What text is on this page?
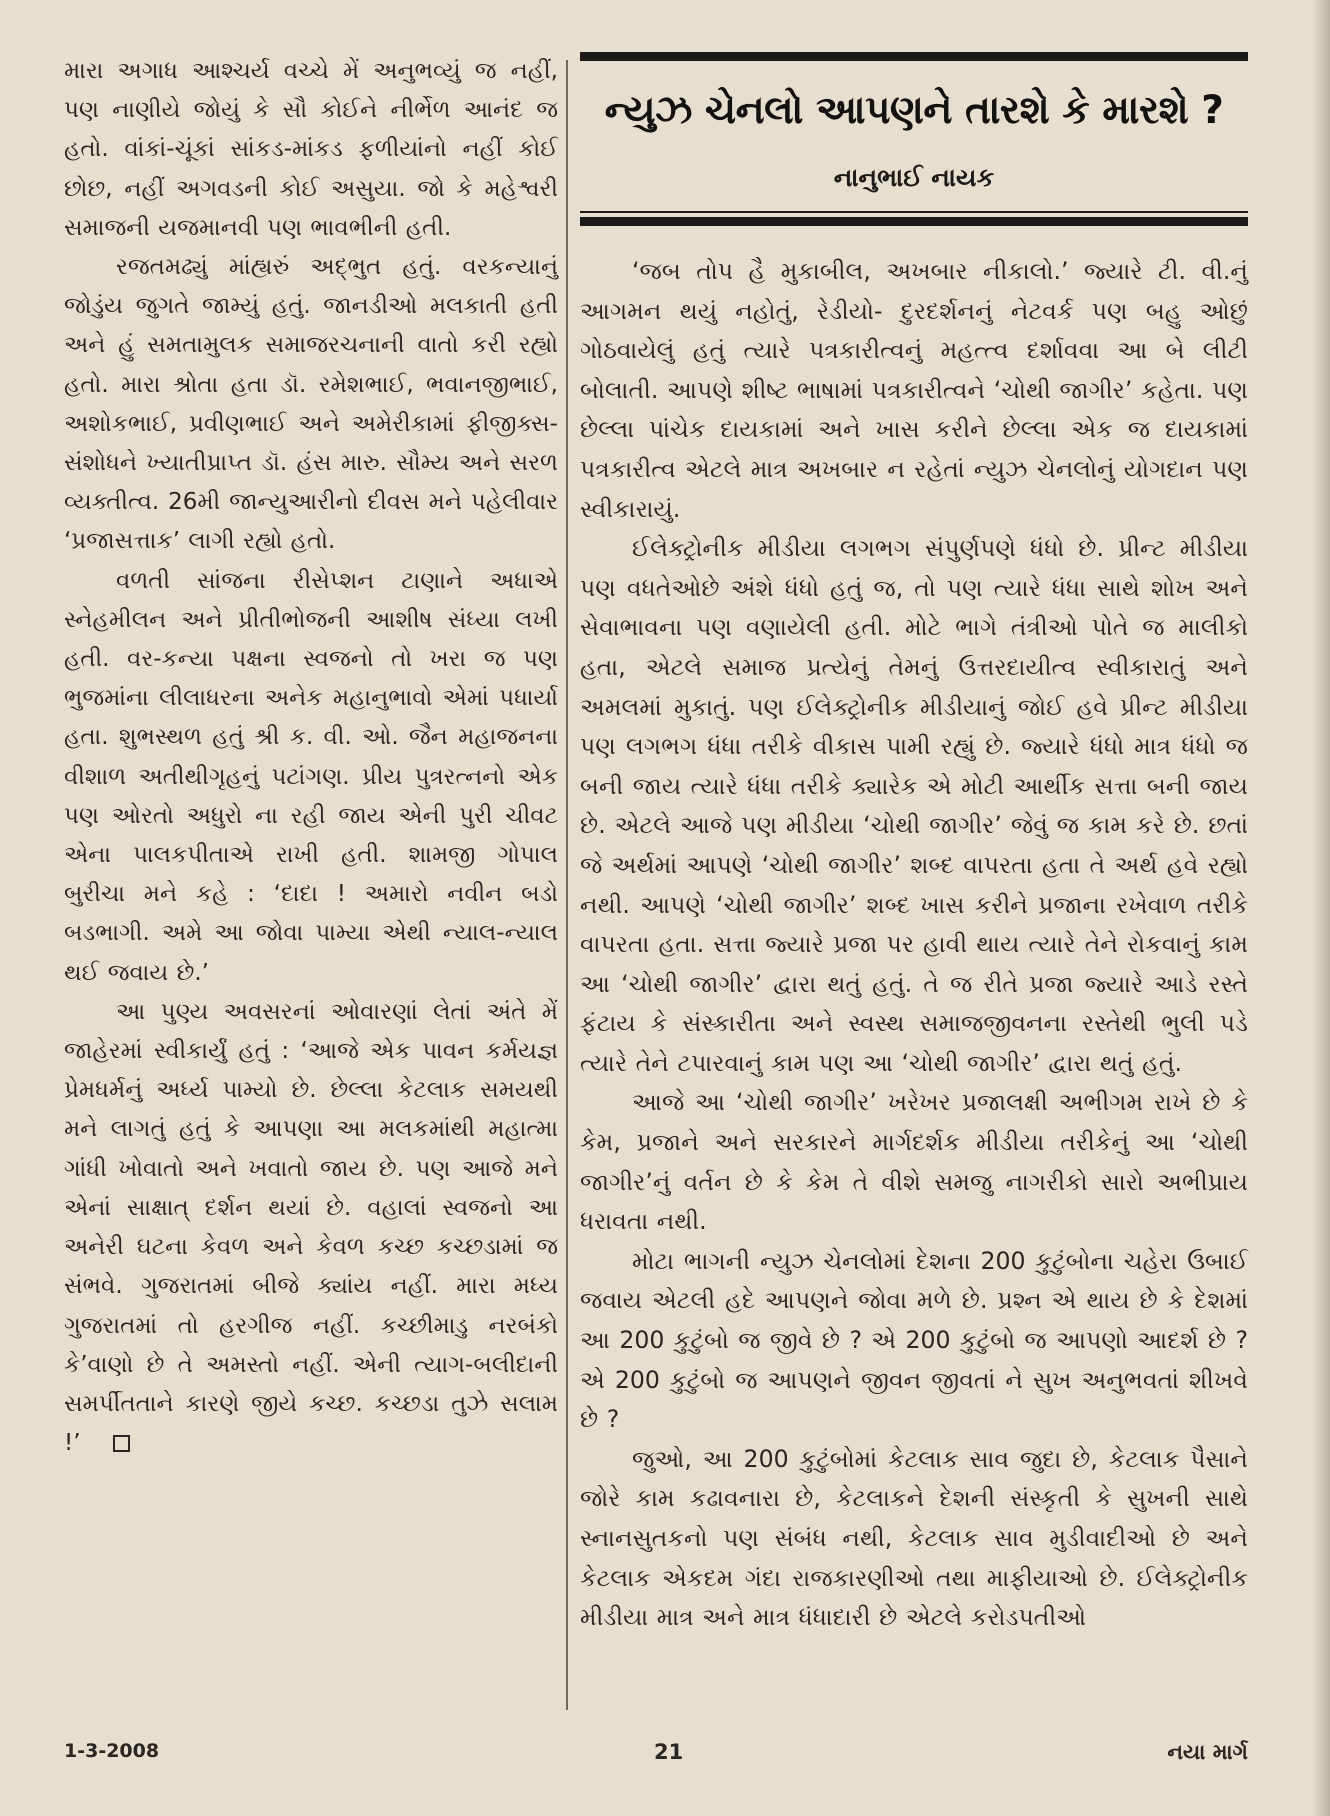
મારા અગાધ આશ્ચર્ય વચ્ચે મેં અનુભવ્યું જ નહીં, પણ નાણીયે જોયું કે સૌ કોઈને નીર્ભેળ આનંદ જ હતો. વાંકાં-ચૂંકાં સાંકડ-માંકડ ફળીયાંનો નહીં કોઈ છોછ, નહીં અગવડની કોઈ અસુયા. જો કે મહેશ્વરી સમાજની યજમાનવી પણ ભાવભીની હતી.

રજતમઢ્યું માંહ્યરું અદ્ભુત હતું. વરકન્યાનું જોડુંય જુગતે જામ્યું હતું. જાનડીઓ મલકાતી હતી અને હું સમતામુલક સમાજરચનાની વાતો કરી રહ્યો હતો. મારા શ્રોતા હતા ડૉ. રમેશભાઈ, ભવાનજીભાઈ, અશોકભાઈ, પ્રવીણભાઈ અને અમેરીકામાં ફીજીક્સ-સંશોધને ખ્યાતીપ્રાપ્ત ડૉ. હંસ મારુ. સૌમ્ય અને સરળ વ્યક્તીત્વ. 26મી જાન્યુઆરીનો દીવસ મને પહેલીવાર ‘પ્રજાસત્તાક’ લાગી રહ્યો હતો.

વળતી સાંજના રીસેપ્શન ટાણાને અધાએ સ્નેહમીલન અને પ્રીતીભોજની આશીષ સંધ્યા લખી હતી. વર-કન્યા પક્ષના સ્વજનો તો ખરા જ પણ ભુજમાંના લીલાધરના અનેક મહાનુભાવો એમાં પધાર્યા હતા. શુભસ્થળ હતું શ્રી ક. વી. ઓ. જૈન મહાજનના વીશાળ અતીથીગૃહનું પટાંગણ. પ્રીય પુત્રરત્નનો એક પણ ઓરતો અધુરો ના રહી જાય એની પુરી ચીવટ એના પાલકપીતાએ રાખી હતી. શામજી ગોપાલ બુરીચા મને કહે : ‘દાદા ! અમારો નવીન બડો બડભાગી. અમે આ જોવા પામ્યા એથી ન્યાલ-ન્યાલ થઈ જવાય છે.’

આ પુણ્ય અવસરનાં ઓવારણાં લેતાં અંતે મેં જાહેરમાં સ્વીકાર્યું હતું : ‘આજે એક પાવન કર્મયજ્ઞ પ્રેમધર્મનું અર્ધ્ય પામ્યો છે. છેલ્લા કેટલાક સમયથી મને લાગતું હતું કે આપણા આ મલકમાંથી મહાત્મા ગાંધી ખોવાતો અને ખવાતો જાય છે. પણ આજે મને એનાં સાક્ષાત્ દર્શન થયાં છે. વહાલાં સ્વજનો આ અનેરી ઘટના કેવળ અને કેવળ કચ્છ કચ્છડામાં જ સંભવે. ગુજરાતમાં બીજે ક્યાંય નહીં. મારા મધ્ય ગુજરાતમાં તો હરગીજ નહીં. કચ્છીમાડુ નરબંકો કે’વાણો છે તે અમસ્તો નહીં. એની ત્યાગ-બલીદાની સમર્પીતતાને કારણે જીયે કચ્છ. કચ્છડા તુઝે સલામ !’

ન્યુઝ ચેનલો આપણને તારશે કે મારશે ?
નાનુભાઈ નાયક

‘જબ તોપ હૈ મુકાબીલ, અખબાર નીકાલો.’ જ્યારે ટી. વી.નું આગમન થયું નહોતું, રેડીયો- દુરદર્શનનું નેટવર્ક પણ બહુ ઓછું ગોઠવાયેલું હતું ત્યારે પત્રકારીત્વનું મહત્ત્વ દર્શાવવા આ બે લીટી બોલાતી. આપણે શીષ્ટ ભાષામાં પત્રકારીત્વને ‘ચોથી જાગીર’ કહેતા. પણ છેલ્લા પાંચેક દાયકામાં અને ખાસ કરીને છેલ્લા એક જ દાયકામાં પત્રકારીત્વ એટલે માત્ર અખબાર ન રહેતાં ન્યુઝ ચેનલોનું યોગદાન પણ સ્વીકારાયું.

ઈલેક્ટ્રોનીક મીડીયા લગભગ સંપુર્ણપણે ધંધો છે. પ્રીન્ટ મીડીયા પણ વધતેઓછે અંશે ધંધો હતું જ, તો પણ ત્યારે ધંધા સાથે શોખ અને સેવાભાવના પણ વણાયેલી હતી. મોટે ભાગે તંત્રીઓ પોતે જ માલીકો હતા, એટલે સમાજ પ્રત્યેનું તેમનું ઉત્તરદાયીત્વ સ્વીકારાતું અને અમલમાં મુકાતું. પણ ઈલેક્ટ્રોનીક મીડીયાનું જોઈ હવે પ્રીન્ટ મીડીયા પણ લગભગ ધંધા તરીકે વીકાસ પામી રહ્યું છે. જ્યારે ધંધો માત્ર ધંધો જ બની જાય ત્યારે ધંધા તરીકે ક્યારેક એ મોટી આર્થીક સત્તા બની જાય છે. એટલે આજે પણ મીડીયા ‘ચોથી જાગીર’ જેવું જ કામ કરે છે. છતાં જે અર્થમાં આપણે ‘ચોથી જાગીર’ શબ્દ વાપરતા હતા તે અર્થ હવે રહ્યો નથી. આપણે ‘ચોથી જાગીર’ શબ્દ ખાસ કરીને પ્રજાના રખેવાળ તરીકે વાપરતા હતા. સત્તા જ્યારે પ્રજા પર હાવી થાય ત્યારે તેને રોકવાનું કામ આ ‘ચોથી જાગીર’ દ્વારા થતું હતું. તે જ રીતે પ્રજા જ્યારે આડે રસ્તે ફંટાય કે સંસ્કારીતા અને સ્વસ્થ સમાજજીવનના રસ્તેથી ભુલી પડે ત્યારે તેને ટપારવાનું કામ પણ આ ‘ચોથી જાગીર’ દ્વારા થતું હતું.

આજે આ ‘ચોથી જાગીર’ ખરેખર પ્રજાલક્ષી અભીગમ રાખે છે કે કેમ, પ્રજાને અને સરકારને માર્ગદર્શક મીડીયા તરીકેનું આ ‘ચોથી જાગીર’નું વર્તન છે કે કેમ તે વીશે સમજુ નાગરીકો સારો અભીપ્રાય ધરાવતા નથી.

મોટા ભાગની ન્યુઝ ચેનલોમાં દેશના 200 કુટુંબોના ચહેરા ઉબાઈ જવાય એટલી હદે આપણને જોવા મળે છે. પ્રશ્ન એ થાય છે કે દેશમાં આ 200 કુટુંબો જ જીવે છે ? એ 200 કુટુંબો જ આપણો આદર્શ છે ? એ 200 કુટુંબો જ આપણને જીવન જીવતાં ને સુખ અનુભવતાં શીખવે છે ?

જુઓ, આ 200 કુટુંબોમાં કેટલાક સાવ જુદા છે, કેટલાક પૈસાને જોરે કામ કઢાવનારા છે, કેટલાકને દેશની સંસ્કૃતી કે સુખની સાથે સ્નાનસુતકનો પણ સંબંધ નથી, કેટલાક સાવ મુડીવાદીઓ છે અને કેટલાક એકદમ ગંદા રાજકારણીઓ તથા માફીયાઓ છે. ઈલેક્ટ્રોનીક મીડીયા માત્ર અને માત્ર ધંધાદારી છે એટલે કરોડપતીઓ

1-3-2008	21	નયા માર્ગ
